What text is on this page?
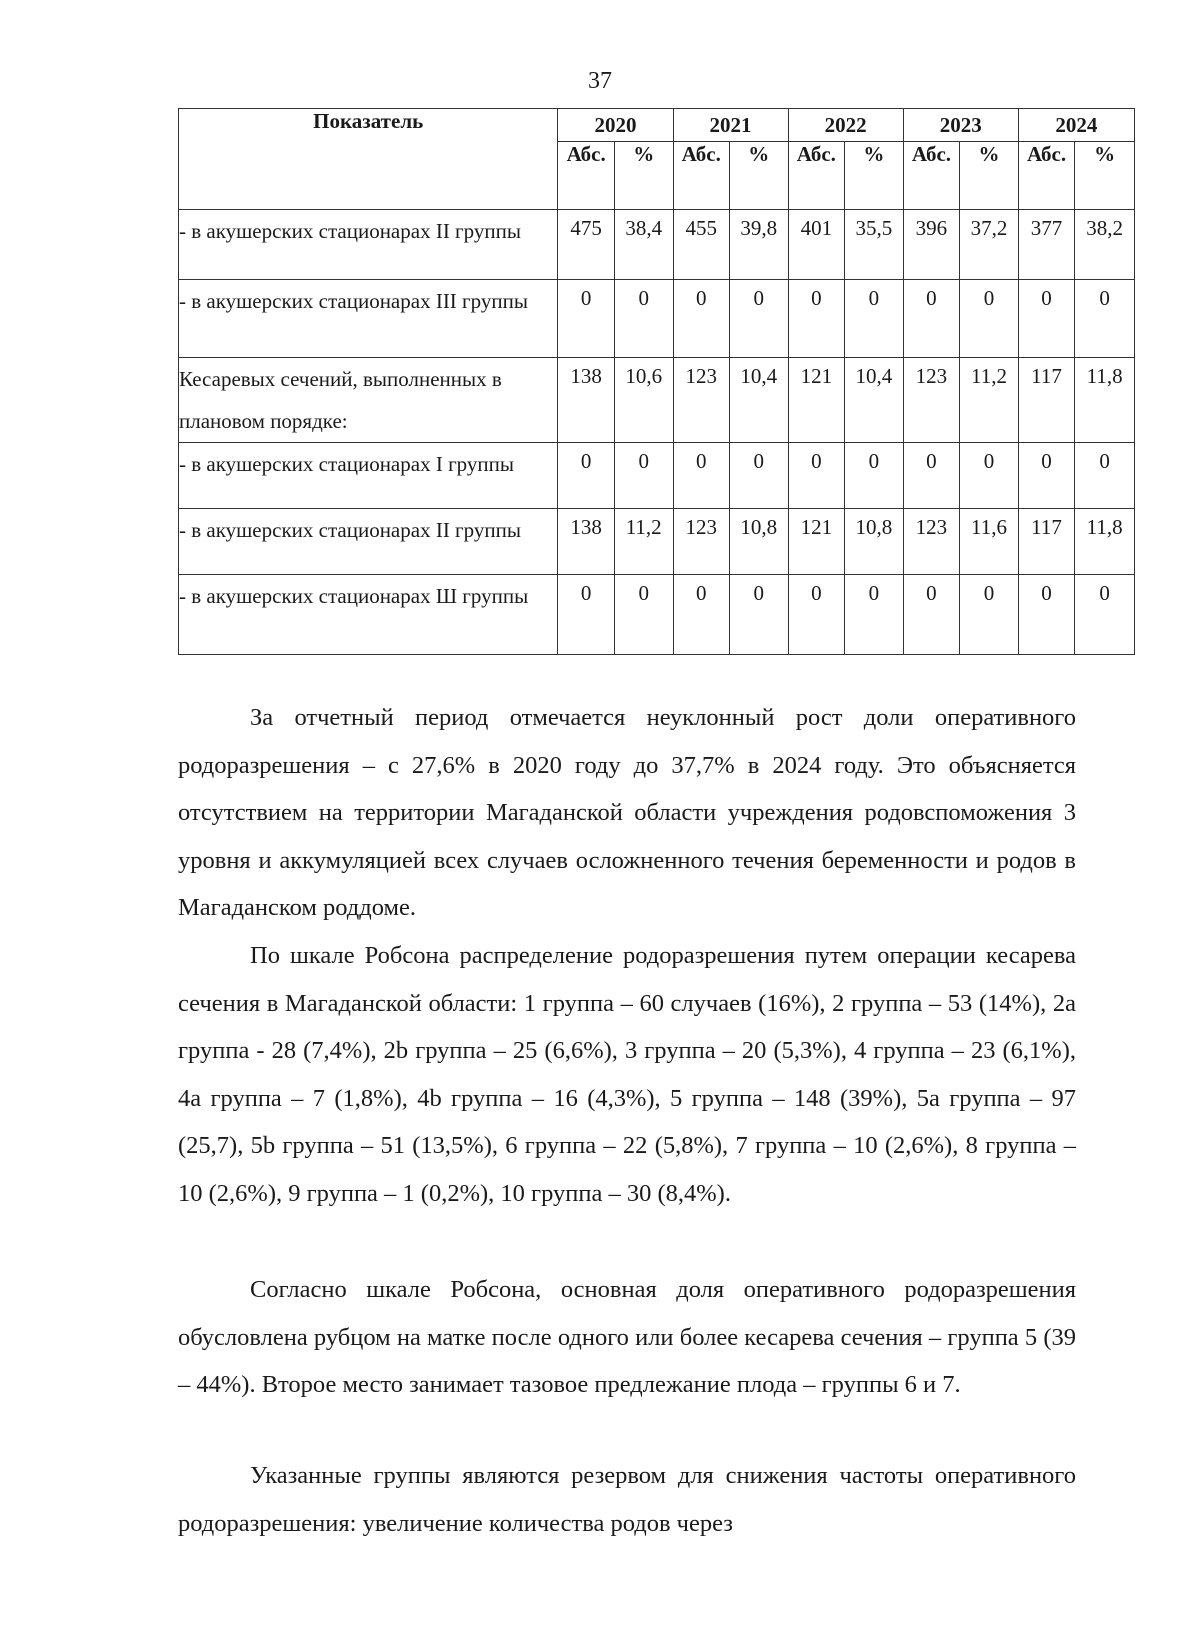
37
Показатель	2020		2021		2022		2023		2024	
	Абс.	%	Абс.	%	Абс.	%	Абс.	%	Абс.	%
- в акушерских стационарах II группы	475	38,4	455	39,8	401	35,5	396	37,2	377	38,2
- в акушерских стационарах III группы	0	0	0	0	0	0	0	0	0	0
Кесаревых сечений, выполненных в плановом порядке:	138	10,6	123	10,4	121	10,4	123	11,2	117	11,8
- в акушерских стационарах I группы	0	0	0	0	0	0	0	0	0	0
- в акушерских стационарах II группы	138	11,2	123	10,8	121	10,8	123	11,6	117	11,8
- в акушерских стационарах Ш группы	0	0	0	0	0	0	0	0	0	0

За отчетный период отмечается неуклонный рост доли оперативного родоразрешения – с 27,6% в 2020 году до 37,7% в 2024 году. Это объясняется отсутствием на территории Магаданской области учреждения родовспоможения 3 уровня и аккумуляцией всех случаев осложненного течения беременности и родов в Магаданском роддоме.

По шкале Робсона распределение родоразрешения путем операции кесарева сечения в Магаданской области: 1 группа – 60 случаев (16%), 2 группа – 53 (14%), 2а группа - 28 (7,4%), 2b группа – 25 (6,6%), 3 группа – 20 (5,3%), 4 группа – 23 (6,1%), 4а группа – 7 (1,8%), 4b группа – 16 (4,3%), 5 группа – 148 (39%), 5а группа – 97 (25,7), 5b группа – 51 (13,5%), 6 группа – 22 (5,8%), 7 группа – 10 (2,6%), 8 группа – 10 (2,6%), 9 группа – 1 (0,2%), 10 группа – 30 (8,4%).

Согласно шкале Робсона, основная доля оперативного родоразрешения обусловлена рубцом на матке после одного или более кесарева сечения – группа 5 (39 – 44%). Второе место занимает тазовое предлежание плода – группы 6 и 7.

Указанные группы являются резервом для снижения частоты оперативного родоразрешения: увеличение количества родов через
